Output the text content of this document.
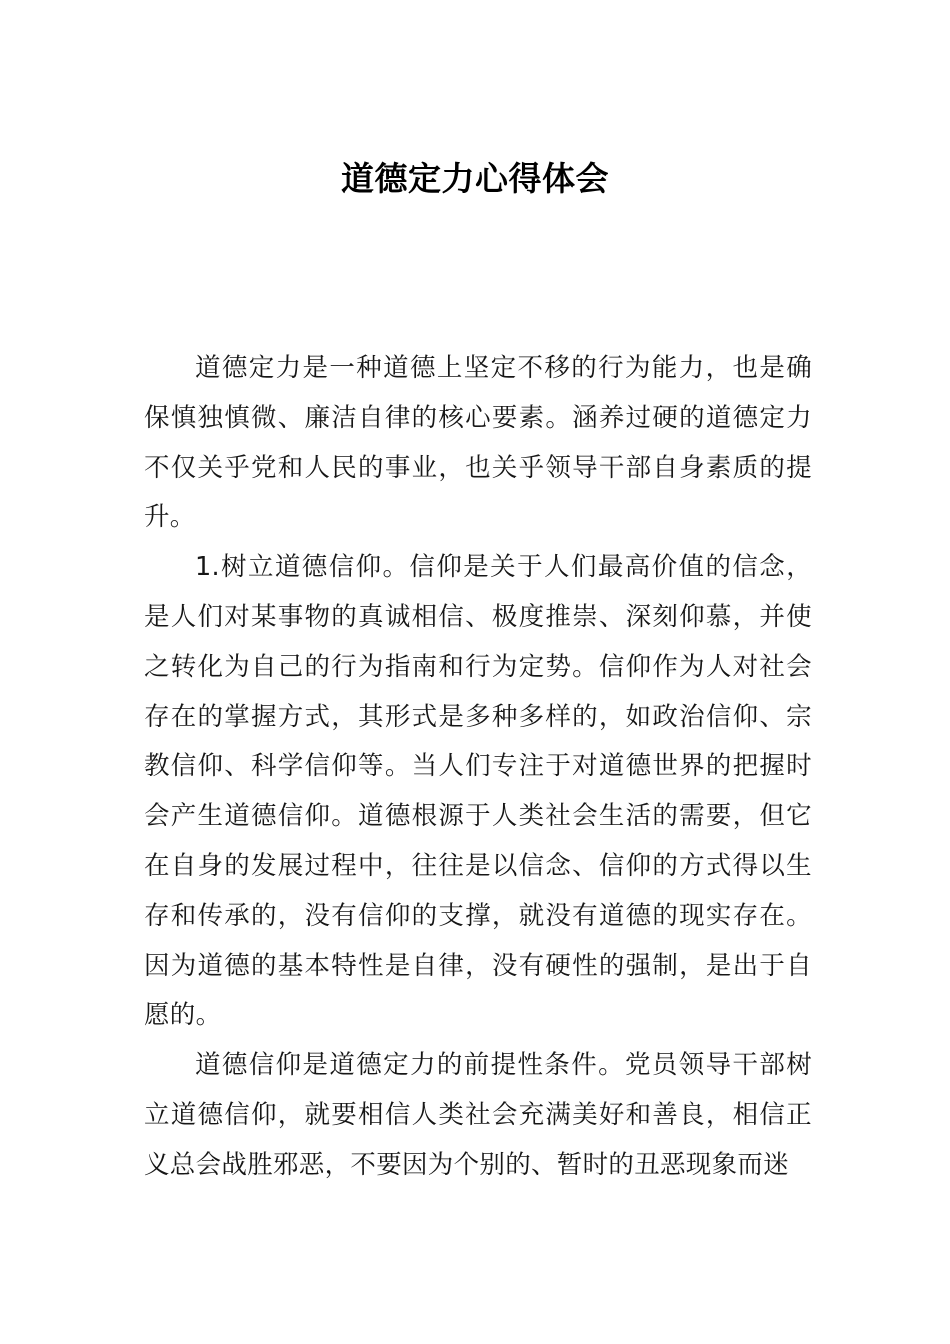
道德定力心得体会

道德定力是一种道德上坚定不移的行为能力，也是确保慎独慎微、廉洁自律的核心要素。涵养过硬的道德定力不仅关乎党和人民的事业，也关乎领导干部自身素质的提升。

1.树立道德信仰。信仰是关于人们最高价值的信念，是人们对某事物的真诚相信、极度推崇、深刻仰慕，并使之转化为自己的行为指南和行为定势。信仰作为人对社会存在的掌握方式，其形式是多种多样的，如政治信仰、宗教信仰、科学信仰等。当人们专注于对道德世界的把握时会产生道德信仰。道德根源于人类社会生活的需要，但它在自身的发展过程中，往往是以信念、信仰的方式得以生存和传承的，没有信仰的支撑，就没有道德的现实存在。因为道德的基本特性是自律，没有硬性的强制，是出于自愿的。

道德信仰是道德定力的前提性条件。党员领导干部树立道德信仰，就要相信人类社会充满美好和善良，相信正义总会战胜邪恶，不要因为个别的、暂时的丑恶现象而迷
